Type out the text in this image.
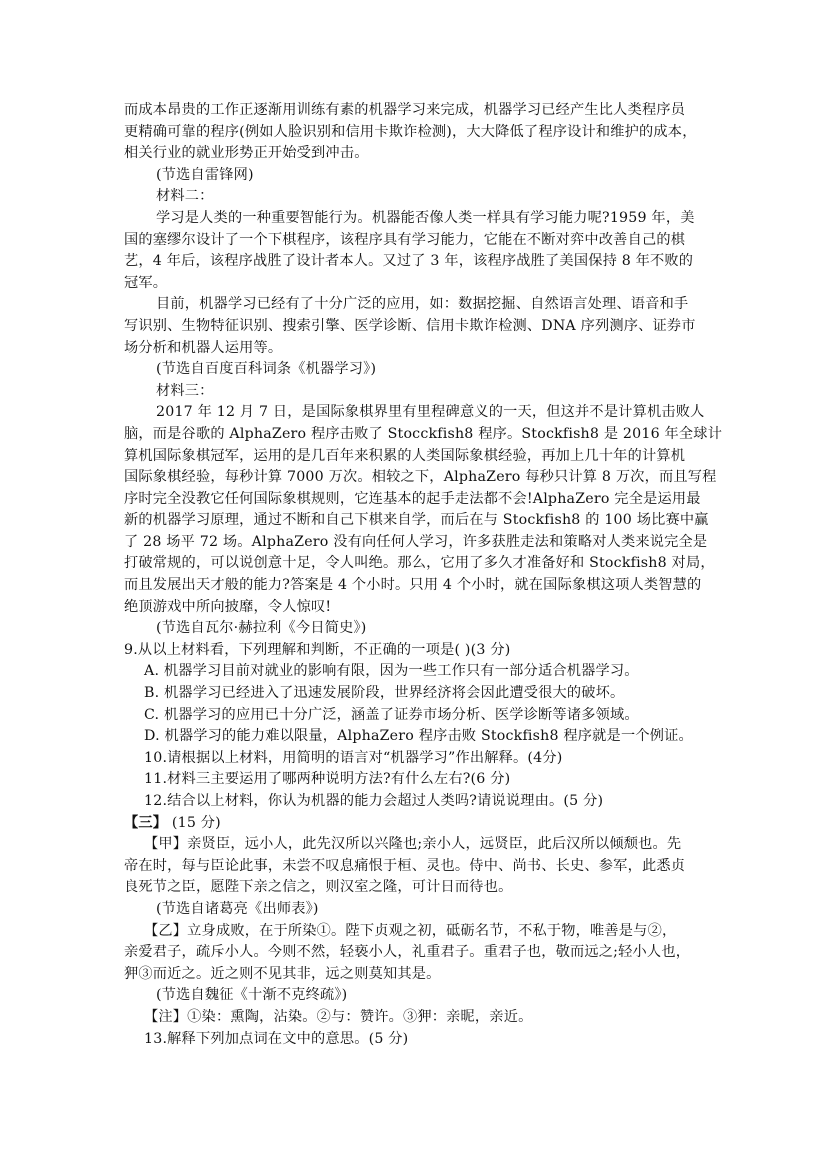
而成本昂贵的工作正逐渐用训练有素的机器学习来完成，机器学习已经产生比人类程序员
更精确可靠的程序(例如人脸识别和信用卡欺诈检测)，大大降低了程序设计和维护的成本，
相关行业的就业形势正开始受到冲击。
(节选自雷锋网)
材料二：
学习是人类的一种重要智能行为。机器能否像人类一样具有学习能力呢?1959 年，美
国的塞缪尔设计了一个下棋程序，该程序具有学习能力，它能在不断对弈中改善自己的棋
艺，4 年后，该程序战胜了设计者本人。又过了 3 年，该程序战胜了美国保持 8 年不败的
冠军。
目前，机器学习已经有了十分广泛的应用，如：数据挖掘、自然语言处理、语音和手
写识别、生物特征识别、搜索引擎、医学诊断、信用卡欺诈检测、DNA 序列测序、证券市
场分析和机器人运用等。
(节选自百度百科词条《机器学习》)
材料三：
2017 年 12 月 7 日，是国际象棋界里有里程碑意义的一天，但这并不是计算机击败人
脑，而是谷歌的 AlphaZero 程序击败了 Stocckfish8 程序。Stockfish8 是 2016 年全球计
算机国际象棋冠军，运用的是几百年来积累的人类国际象棋经验，再加上几十年的计算机
国际象棋经验，每秒计算 7000 万次。相较之下，AlphaZero 每秒只计算 8 万次，而且写程
序时完全没教它任何国际象棋规则，它连基本的起手走法都不会!AlphaZero 完全是运用最
新的机器学习原理，通过不断和自己下棋来自学，而后在与 Stockfish8 的 100 场比赛中赢
了 28 场平 72 场。AlphaZero 没有向任何人学习，许多获胜走法和策略对人类来说完全是
打破常规的，可以说创意十足，令人叫绝。那么，它用了多久才准备好和 Stockfish8 对局，
而且发展出天才般的能力?答案是 4 个小时。只用 4 个小时，就在国际象棋这项人类智慧的
绝顶游戏中所向披靡，令人惊叹!
(节选自瓦尔·赫拉利《今日简史》)
9.从以上材料看，下列理解和判断，不正确的一项是( )(3 分)
A. 机器学习目前对就业的影响有限，因为一些工作只有一部分适合机器学习。
B. 机器学习已经进入了迅速发展阶段，世界经济将会因此遭受很大的破坏。
C. 机器学习的应用已十分广泛，涵盖了证券市场分析、医学诊断等诸多领域。
D. 机器学习的能力难以限量，AlphaZero 程序击败 Stockfish8 程序就是一个例证。
10.请根据以上材料，用简明的语言对“机器学习”作出解释。(4分)
11.材料三主要运用了哪两种说明方法?有什么左右?(6 分)
12.结合以上材料，你认为机器的能力会超过人类吗?请说说理由。(5 分)
【三】 (15 分)
【甲】亲贤臣，远小人，此先汉所以兴隆也;亲小人，远贤臣，此后汉所以倾颓也。先
帝在时，每与臣论此事，未尝不叹息痛恨于桓、灵也。侍中、尚书、长史、参军，此悉贞
良死节之臣，愿陛下亲之信之，则汉室之隆，可计日而待也。
(节选自诸葛亮《出师表》)
【乙】立身成败，在于所染①。陛下贞观之初，砥砺名节，不私于物，唯善是与②，
亲爱君子，疏斥小人。今则不然，轻亵小人，礼重君子。重君子也，敬而远之;轻小人也，
狎③而近之。近之则不见其非，远之则莫知其是。
(节选自魏征《十渐不克终疏》)
【注】①染：熏陶，沾染。②与：赞许。③狎：亲昵，亲近。
13.解释下列加点词在文中的意思。(5 分)
